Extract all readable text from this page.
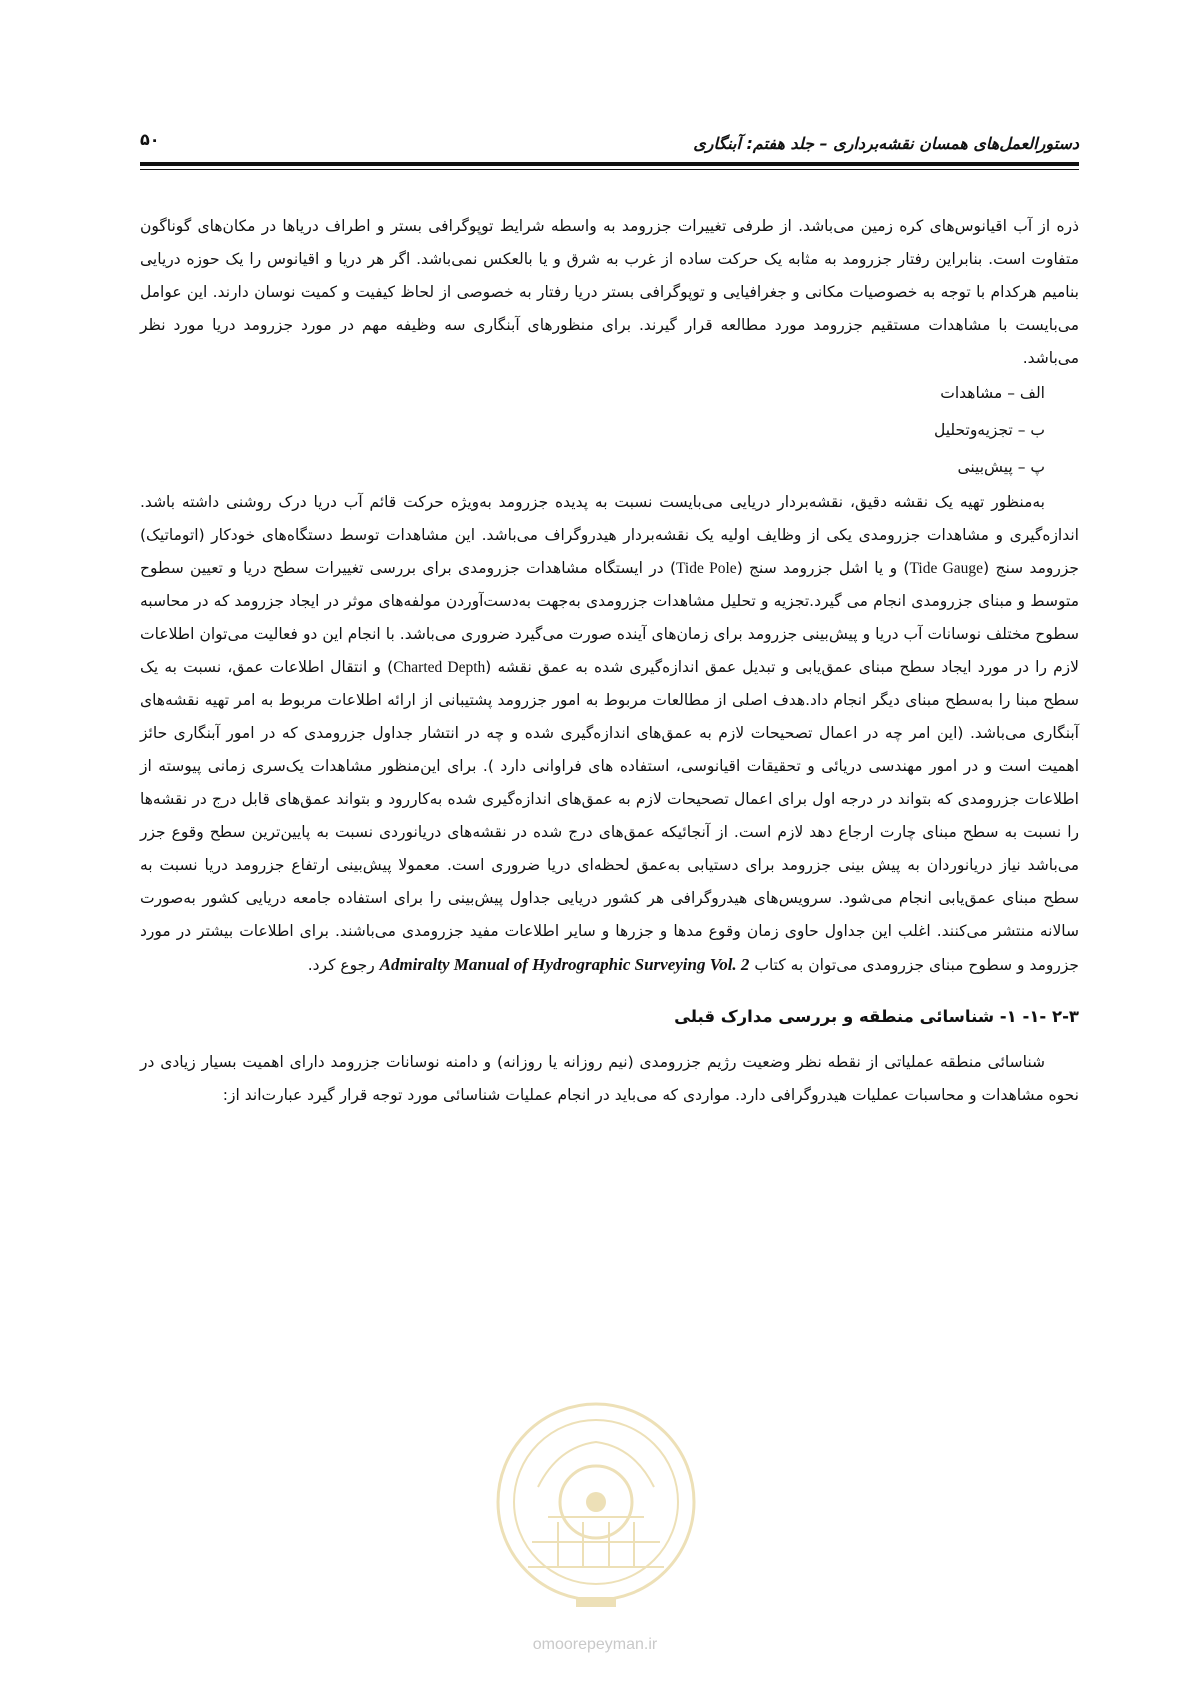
۵۰	دستورالعمل‌های همسان نقشه‌برداری – جلد هفتم: آبنگاری

ذره از آب اقیانوس‌های کره زمین می‌باشد. از طرفی تغییرات جزرومد به واسطه شرایط توپوگرافی بستر و اطراف دریاها در مکان‌های گوناگون متفاوت است. بنابراین رفتار جزرومد به مثابه یک حرکت ساده از غرب به شرق و یا بالعکس نمی‌باشد. اگر هر دریا و اقیانوس را یک حوزه دریایی بنامیم هرکدام با توجه به خصوصیات مکانی و جغرافیایی و توپوگرافی بستر دریا رفتار به خصوصی از لحاظ کیفیت و کمیت نوسان دارند. این عوامل می‌بایست با مشاهدات مستقیم جزرومد مورد مطالعه قرار گیرند. برای منظورهای آبنگاری سه وظیفه مهم در مورد جزرومد دریا مورد نظر می‌باشد.

الف – مشاهدات

ب – تجزیه‌وتحلیل

پ – پیش‌بینی

به‌منظور تهیه یک نقشه دقیق، نقشه‌بردار دریایی می‌بایست نسبت به پدیده جزرومد به‌ویژه حرکت قائم آب دریا درک روشنی داشته باشد. اندازه‌گیری و مشاهدات جزرومدی یکی از وظایف اولیه یک نقشه‌بردار هیدروگراف می‌باشد. این مشاهدات توسط دستگاه‌های خودکار (اتوماتیک) جزرومد سنج (Tide Gauge) و یا اشل جزرومد سنج (Tide Pole) در ایستگاه مشاهدات جزرومدی برای بررسی تغییرات سطح دریا و تعیین سطوح متوسط و مبنای جزرومدی انجام می گیرد.تجزیه و تحلیل مشاهدات جزرومدی به‌جهت به‌دست‌آوردن مولفه‌های موثر در ایجاد جزرومد که در محاسبه سطوح مختلف نوسانات آب دریا و پیش‌بینی جزرومد برای زمان‌های آینده صورت می‌گیرد ضروری می‌باشد. با انجام این دو فعالیت می‌توان اطلاعات لازم را در مورد ایجاد سطح مبنای عمق‌یابی و تبدیل عمق اندازه‌گیری شده به عمق نقشه (Charted Depth) و انتقال اطلاعات عمق، نسبت به یک سطح مبنا را به‌سطح مبنای دیگر انجام داد.هدف اصلی از مطالعات مربوط به امور جزرومد پشتیبانی از ارائه اطلاعات مربوط به امر تهیه نقشه‌های آبنگاری می‌باشد. (این امر چه در اعمال تصحیحات لازم به عمق‌های اندازه‌گیری شده و چه در انتشار جداول جزرومدی که در امور آبنگاری حائز اهمیت است و در امور مهندسی دریائی و تحقیقات اقیانوسی، استفاده های فراوانی دارد ). برای این‌منظور مشاهدات یک‌سری زمانی پیوسته از اطلاعات جزرومدی که بتواند در درجه اول برای اعمال تصحیحات لازم به عمق‌های اندازه‌گیری شده به‌کاررود و بتواند عمق‌های قابل درج در نقشه‌ها را نسبت به سطح مبنای چارت ارجاع دهد لازم است. از آنجائیکه عمق‌های درج شده در نقشه‌های دریانوردی نسبت به پایین‌ترین سطح وقوع جزر می‌باشد نیاز دریانوردان به پیش بینی جزرومد برای دستیابی به‌عمق لحظه‌ای دریا ضروری است. معمولا پیش‌بینی ارتفاع جزرومد دریا نسبت به سطح مبنای عمق‌یابی انجام می‌شود. سرویس‌های هیدروگرافی هر کشور دریایی جداول پیش‌بینی را برای استفاده جامعه دریایی کشور به‌صورت سالانه منتشر می‌کنند. اغلب این جداول حاوی زمان وقوع مدها و جزرها و سایر اطلاعات مفید جزرومدی می‌باشند. برای اطلاعات بیشتر در مورد جزرومد و سطوح مبنای جزرومدی می‌توان به کتاب Admiralty Manual of Hydrographic Surveying Vol. 2 رجوع کرد.

۲-۳ -۱- ۱- شناسائی منطقه و بررسی مدارک قبلی

شناسائی منطقه عملیاتی از نقطه نظر وضعیت رژیم جزرومدی (نیم روزانه یا روزانه) و دامنه نوسانات جزرومد دارای اهمیت بسیار زیادی در نحوه مشاهدات و محاسبات عملیات هیدروگرافی دارد. مواردی که می‌باید در انجام عملیات شناسائی مورد توجه قرار گیرد عبارت‌اند از:

omoorepeyman.ir
